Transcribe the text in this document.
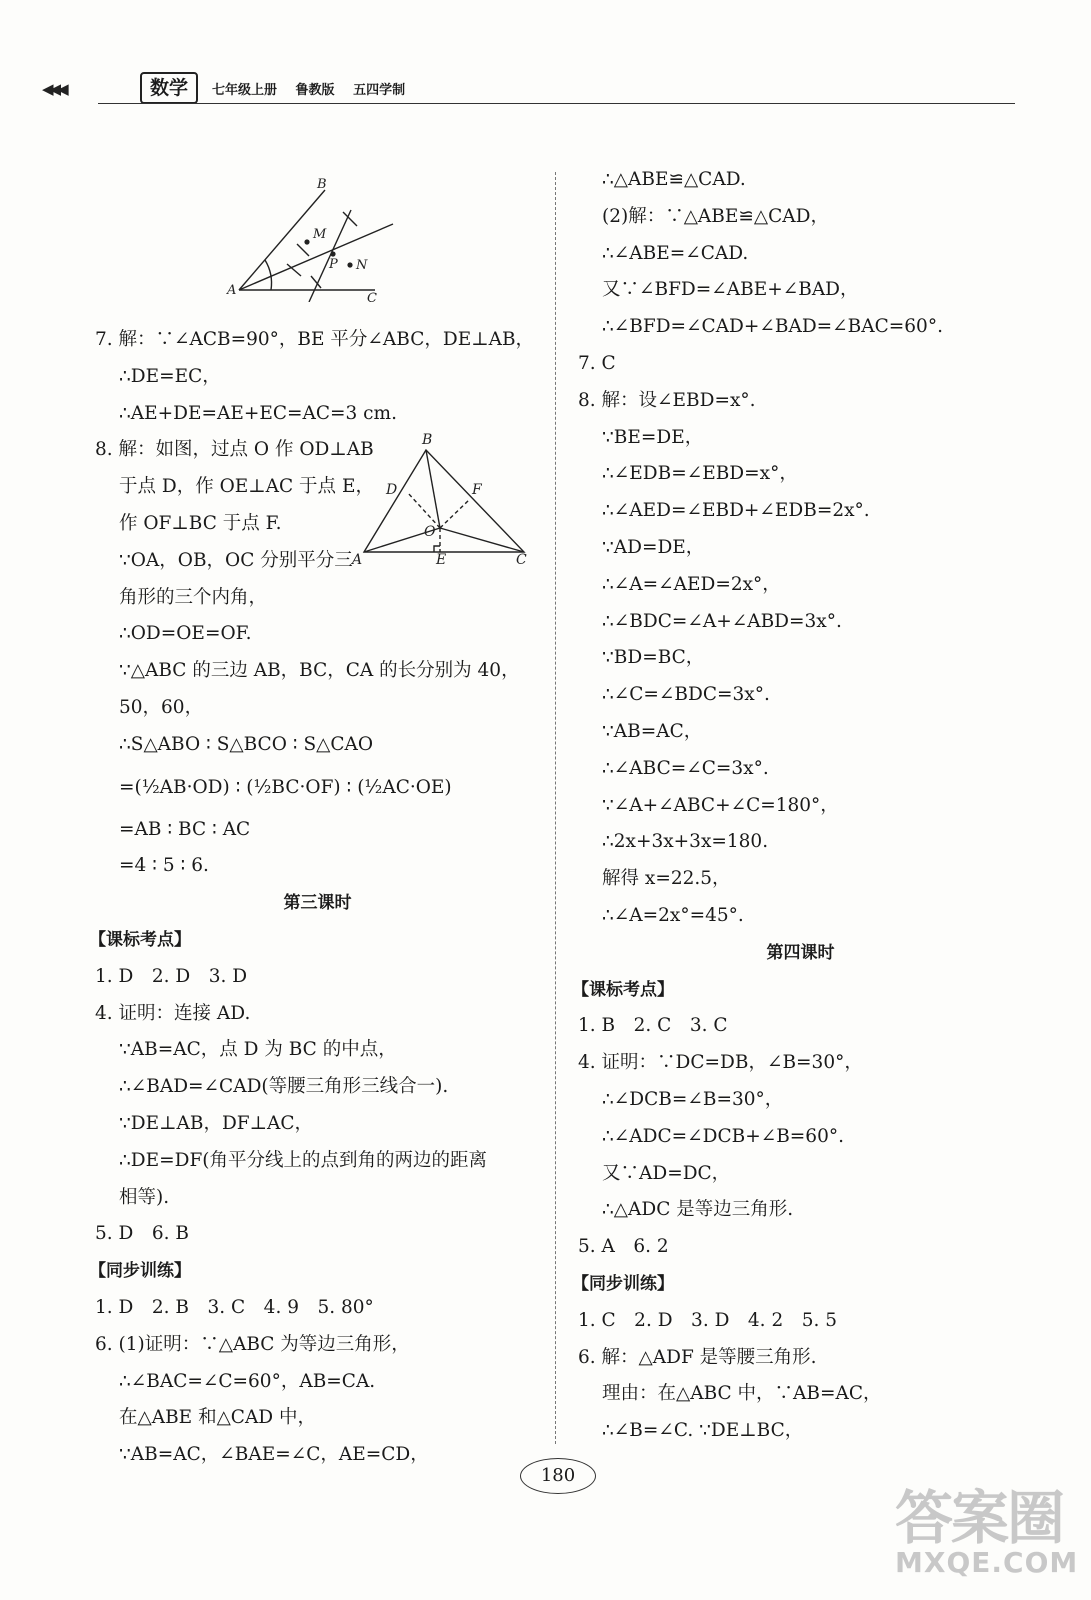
◀◀◀	数学	七年级上册 鲁教版 五四学制
B
M
P N
A
C
7. 解：∵∠ACB=90°，BE 平分∠ABC，DE⊥AB，
∴DE=EC，
∴AE+DE=AE+EC=AC=3 cm.
B
D	F
O
A	E	C
8. 解：如图，过点 O 作 OD⊥AB
于点 D，作 OE⊥AC 于点 E，
作 OF⊥BC 于点 F.
∵OA，OB，OC 分别平分三
角形的三个内角，
∴OD=OE=OF.
∵△ABC 的三边 AB，BC，CA 的长分别为 40，
50，60，
∴S△ABO ∶ S△BCO ∶ S△CAO
=(½AB·OD) ∶ (½BC·OF) ∶ (½AC·OE)
=AB ∶ BC ∶ AC
=4 ∶ 5 ∶ 6.
第三课时
【课标考点】
1. D　2. D　3. D
4. 证明：连接 AD.
∵AB=AC，点 D 为 BC 的中点，
∴∠BAD=∠CAD(等腰三角形三线合一).
∵DE⊥AB，DF⊥AC，
∴DE=DF(角平分线上的点到角的两边的距离
相等).
5. D　6. B
【同步训练】
1. D　2. B　3. C　4. 9　5. 80°
6. (1)证明：∵△ABC 为等边三角形，
∴∠BAC=∠C=60°，AB=CA.
在△ABE 和△CAD 中，
∵AB=AC，∠BAE=∠C，AE=CD，
∴△ABE≌△CAD.
(2)解：∵△ABE≌△CAD，
∴∠ABE=∠CAD.
又∵∠BFD=∠ABE+∠BAD，
∴∠BFD=∠CAD+∠BAD=∠BAC=60°.
7. C
8. 解：设∠EBD=x°.
∵BE=DE，
∴∠EDB=∠EBD=x°，
∴∠AED=∠EBD+∠EDB=2x°.
∵AD=DE，
∴∠A=∠AED=2x°，
∴∠BDC=∠A+∠ABD=3x°.
∵BD=BC，
∴∠C=∠BDC=3x°.
∵AB=AC，
∴∠ABC=∠C=3x°.
∵∠A+∠ABC+∠C=180°，
∴2x+3x+3x=180.
解得 x=22.5，
∴∠A=2x°=45°.
第四课时
【课标考点】
1. B　2. C　3. C
4. 证明：∵DC=DB，∠B=30°，
∴∠DCB=∠B=30°，
∴∠ADC=∠DCB+∠B=60°.
又∵AD=DC，
∴△ADC 是等边三角形.
5. A　6. 2
【同步训练】
1. C　2. D　3. D　4. 2　5. 5
6. 解：△ADF 是等腰三角形.
理由：在△ABC 中，∵AB=AC，
∴∠B=∠C. ∵DE⊥BC，
180
答案圈
MXQE.COM
